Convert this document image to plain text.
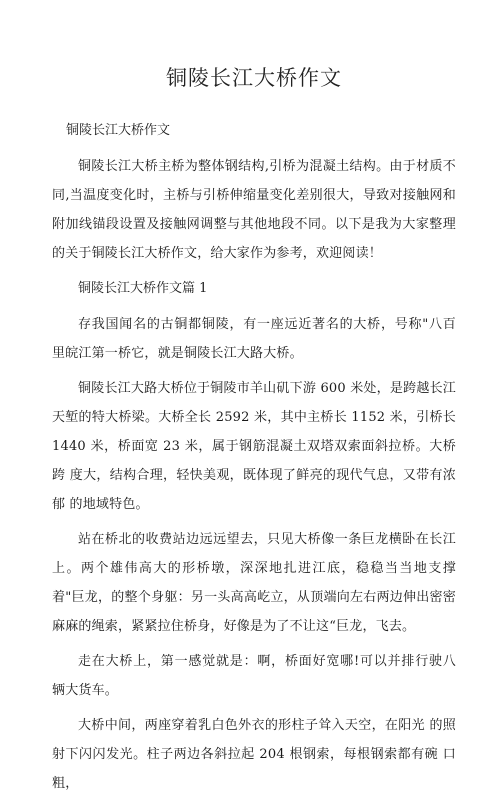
铜陵长江大桥作文

铜陵长江大桥作文

铜陵长江大桥主桥为整体钢结构,引桥为混凝土结构。由于材质不同,当温度变化时，主桥与引桥伸缩量变化差别很大，导致对接触网和 附加线锚段设置及接触网调整与其他地段不同。以下是我为大家整理 的关于铜陵长江大桥作文，给大家作为参考，欢迎阅读！

铜陵长江大桥作文篇 1

存我国闻名的古铜都铜陵，有一座远近著名的大桥，号称"八百 里皖江第一桥它，就是铜陵长江大路大桥。

铜陵长江大路大桥位于铜陵市羊山矶下游 600 米处，是跨越长江 天堑的特大桥梁。大桥全长 2592 米，其中主桥长 1152 米，引桥长 1440 米，桥面宽 23 米，属于钢筋混凝土双塔双索面斜拉桥。大桥跨 度大，结构合理，轻快美观，既体现了鲜亮的现代气息，又带有浓郁 的地域特色。

站在桥北的收费站边远远望去，只见大桥像一条巨龙横卧在长江 上。两个雄伟高大的形桥墩，深深地扎进江底，稳稳当当地支撑 着"巨龙，的整个身躯：另一头高高屹立，从顶端向左右两边伸出密密 麻麻的绳索，紧紧拉住桥身，好像是为了不让这“巨龙，飞去。

走在大桥上，第一感觉就是：啊，桥面好宽哪!可以并排行驶八 辆大货车。

大桥中间，两座穿着乳白色外衣的形柱子耸入天空，在阳光 的照射下闪闪发光。柱子两边各斜拉起 204 根钢索，每根钢索都有碗 口粗，
